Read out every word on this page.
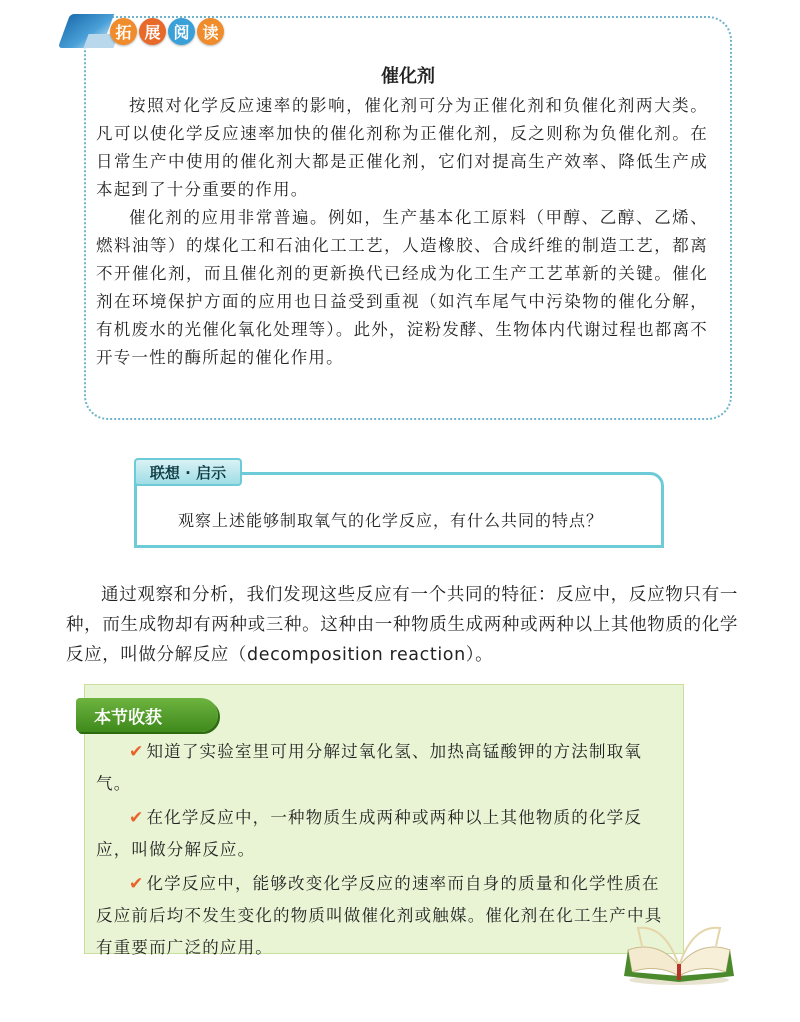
拓 展 阅 读
催化剂

按照对化学反应速率的影响，催化剂可分为正催化剂和负催化剂两大类。凡可以使化学反应速率加快的催化剂称为正催化剂，反之则称为负催化剂。在日常生产中使用的催化剂大都是正催化剂，它们对提高生产效率、降低生产成本起到了十分重要的作用。

催化剂的应用非常普遍。例如，生产基本化工原料（甲醇、乙醇、乙烯、燃料油等）的煤化工和石油化工工艺，人造橡胶、合成纤维的制造工艺，都离不开催化剂，而且催化剂的更新换代已经成为化工生产工艺革新的关键。催化剂在环境保护方面的应用也日益受到重视（如汽车尾气中污染物的催化分解，有机废水的光催化氧化处理等）。此外，淀粉发酵、生物体内代谢过程也都离不开专一性的酶所起的催化作用。

联想 · 启示
观察上述能够制取氧气的化学反应，有什么共同的特点？

通过观察和分析，我们发现这些反应有一个共同的特征：反应中，反应物只有一种，而生成物却有两种或三种。这种由一种物质生成两种或两种以上其他物质的化学反应，叫做分解反应（decomposition reaction）。

本节收获

✔ 知道了实验室里可用分解过氧化氢、加热高锰酸钾的方法制取氧气。

✔ 在化学反应中，一种物质生成两种或两种以上其他物质的化学反应，叫做分解反应。

✔ 化学反应中，能够改变化学反应的速率而自身的质量和化学性质在反应前后均不发生变化的物质叫做催化剂或触媒。催化剂在化工生产中具有重要而广泛的应用。
